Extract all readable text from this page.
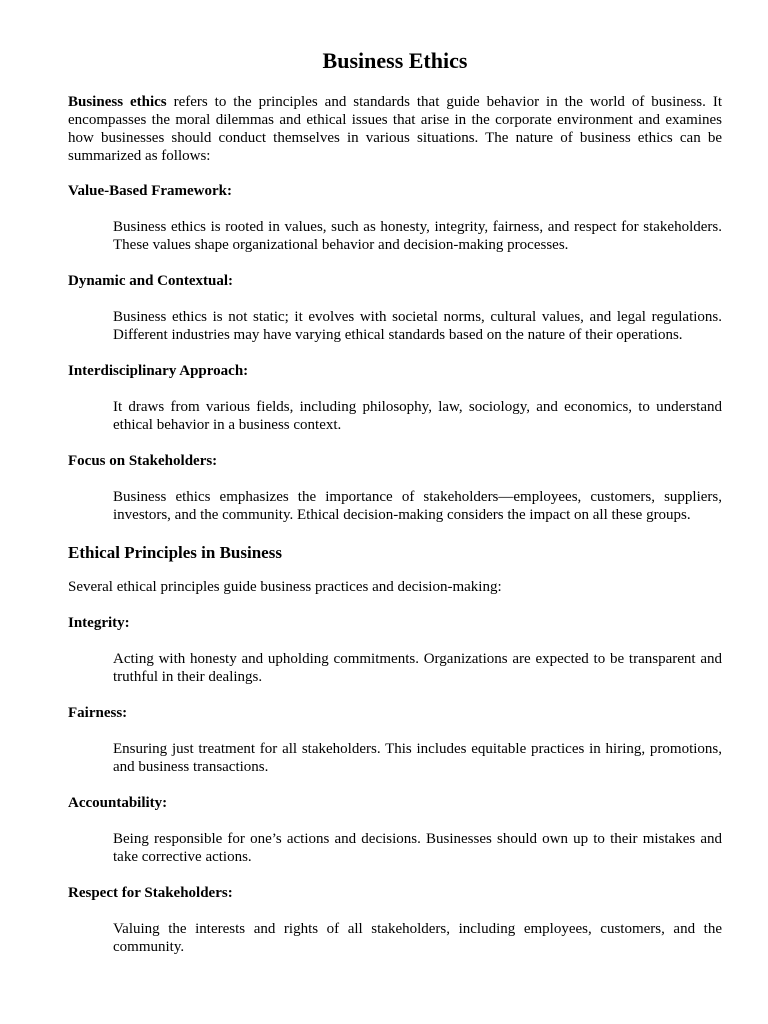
Business Ethics

Business ethics refers to the principles and standards that guide behavior in the world of business. It encompasses the moral dilemmas and ethical issues that arise in the corporate environment and examines how businesses should conduct themselves in various situations. The nature of business ethics can be summarized as follows:

Value-Based Framework:
Business ethics is rooted in values, such as honesty, integrity, fairness, and respect for stakeholders. These values shape organizational behavior and decision-making processes.
Dynamic and Contextual:
Business ethics is not static; it evolves with societal norms, cultural values, and legal regulations. Different industries may have varying ethical standards based on the nature of their operations.
Interdisciplinary Approach:
It draws from various fields, including philosophy, law, sociology, and economics, to understand ethical behavior in a business context.
Focus on Stakeholders:
Business ethics emphasizes the importance of stakeholders—employees, customers, suppliers, investors, and the community. Ethical decision-making considers the impact on all these groups.
Ethical Principles in Business

Several ethical principles guide business practices and decision-making:

Integrity:
Acting with honesty and upholding commitments. Organizations are expected to be transparent and truthful in their dealings.
Fairness:
Ensuring just treatment for all stakeholders. This includes equitable practices in hiring, promotions, and business transactions.
Accountability:
Being responsible for one’s actions and decisions. Businesses should own up to their mistakes and take corrective actions.
Respect for Stakeholders:
Valuing the interests and rights of all stakeholders, including employees, customers, and the community.
